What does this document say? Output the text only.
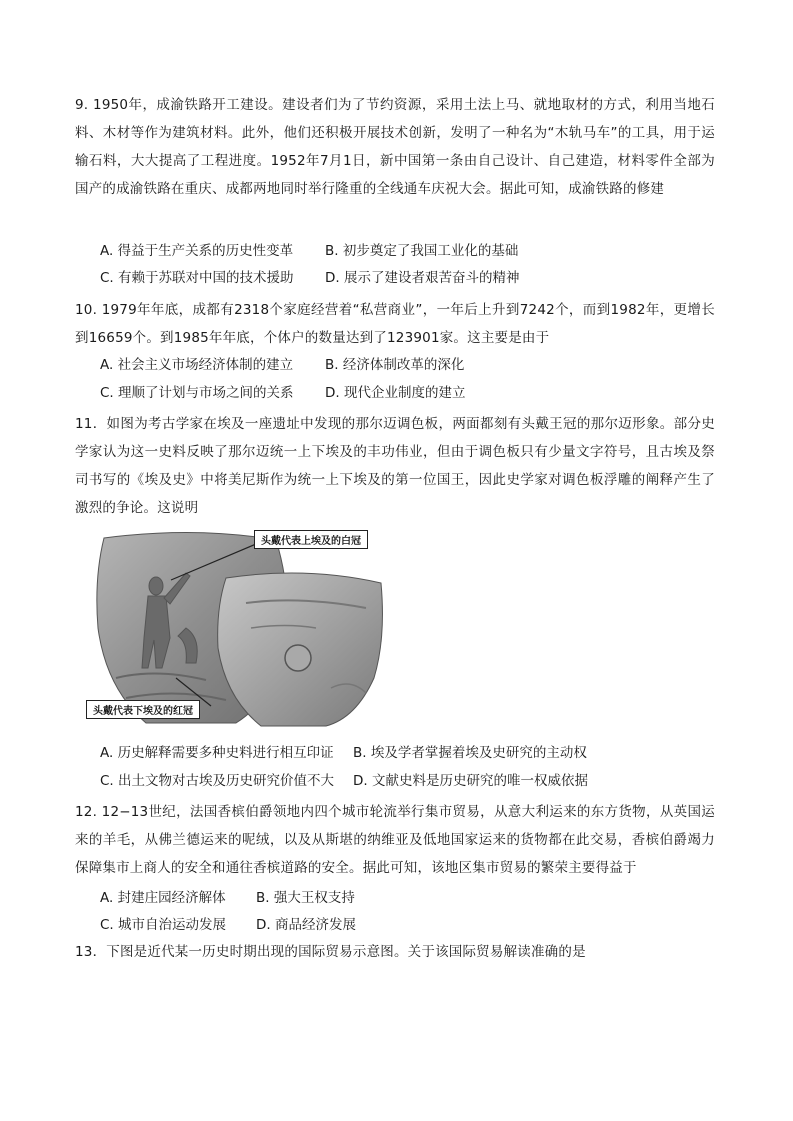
9. 1950年，成渝铁路开工建设。建设者们为了节约资源，采用土法上马、就地取材的方式，利用当地石料、木材等作为建筑材料。此外，他们还积极开展技术创新，发明了一种名为“木轨马车”的工具，用于运输石料，大大提高了工程进度。1952年7月1日，新中国第一条由自己设计、自己建造，材料零件全部为国产的成渝铁路在重庆、成都两地同时举行隆重的全线通车庆祝大会。据此可知，成渝铁路的修建
A. 得益于生产关系的历史性变革 B. 初步奠定了我国工业化的基础
C. 有赖于苏联对中国的技术援助 D. 展示了建设者艰苦奋斗的精神
10. 1979年年底，成都有2318个家庭经营着“私营商业”，一年后上升到7242个，而到1982年，更增长到16659个。到1985年年底，个体户的数量达到了123901家。这主要是由于
A. 社会主义市场经济体制的建立 B. 经济体制改革的深化
C. 理顺了计划与市场之间的关系 D. 现代企业制度的建立
11．如图为考古学家在埃及一座遗址中发现的那尔迈调色板，两面都刻有头戴王冠的那尔迈形象。部分史学家认为这一史料反映了那尔迈统一上下埃及的丰功伟业，但由于调色板只有少量文字符号，且古埃及祭司书写的《埃及史》中将美尼斯作为统一上下埃及的第一位国王，因此史学家对调色板浮雕的阐释产生了激烈的争论。这说明
头戴代表上埃及的白冠
头戴代表下埃及的红冠
A. 历史解释需要多种史料进行相互印证 B. 埃及学者掌握着埃及史研究的主动权
C. 出土文物对古埃及历史研究价值不大 D. 文献史料是历史研究的唯一权威依据
12. 12−13世纪，法国香槟伯爵领地内四个城市轮流举行集市贸易，从意大利运来的东方货物，从英国运来的羊毛，从佛兰德运来的呢绒，以及从斯堪的纳维亚及低地国家运来的货物都在此交易，香槟伯爵竭力保障集市上商人的安全和通往香槟道路的安全。据此可知，该地区集市贸易的繁荣主要得益于
A. 封建庄园经济解体 B. 强大王权支持
C. 城市自治运动发展 D. 商品经济发展
13．下图是近代某一历史时期出现的国际贸易示意图。关于该国际贸易解读准确的是
